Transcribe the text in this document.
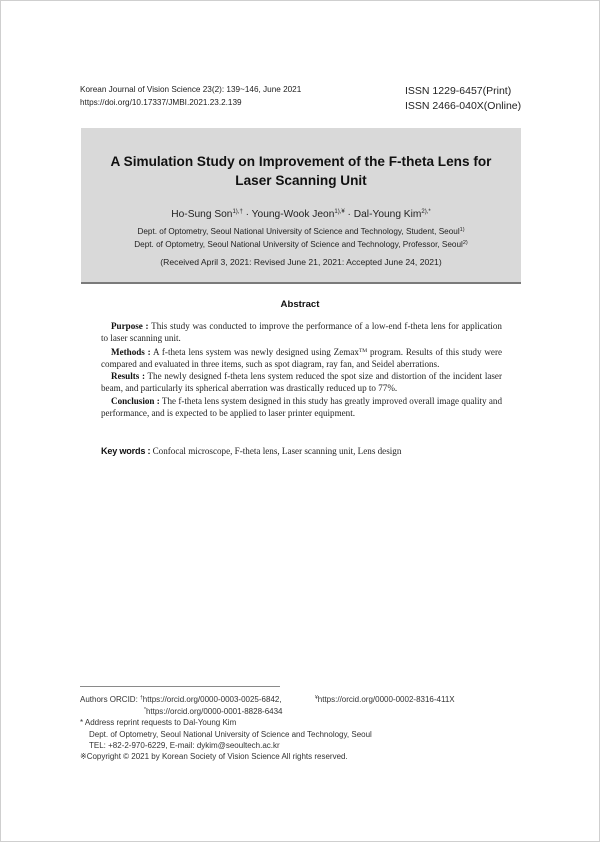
Korean Journal of Vision Science 23(2): 139~146, June 2021
https://doi.org/10.17337/JMBI.2021.23.2.139
ISSN 1229-6457(Print)
ISSN 2466-040X(Online)
A Simulation Study on Improvement of the F-theta Lens for
Laser Scanning Unit
Ho-Sung Son$^{1),\dagger}$ · Young-Wook Jeon$^{1),¥}$ · Dal-Young Kim$^{2),*}$
Dept. of Optometry, Seoul National University of Science and Technology, Student, Seoul$^{1)}$
Dept. of Optometry, Seoul National University of Science and Technology, Professor, Seoul$^{2)}$
(Received April 3, 2021: Revised June 21, 2021: Accepted June 24, 2021)
Abstract

Purpose : This study was conducted to improve the performance of a low-end f-theta lens for application to laser scanning unit.

Methods : A f-theta lens system was newly designed using Zemax™ program. Results of this study were compared and evaluated in three items, such as spot diagram, ray fan, and Seidel aberrations.

Results : The newly designed f-theta lens system reduced the spot size and distortion of the incident laser beam, and particularly its spherical aberration was drastically reduced up to 77%.

Conclusion : The f-theta lens system designed in this study has greatly improved overall image quality and performance, and is expected to be applied to laser printer equipment.

Key words : Confocal microscope, F-theta lens, Laser scanning unit, Lens design
Authors ORCID: †https://orcid.org/0000-0003-0025-6842,	¥https://orcid.org/0000-0002-8316-411X
*https://orcid.org/0000-0001-8828-6434
* Address reprint requests to Dal-Young Kim
Dept. of Optometry, Seoul National University of Science and Technology, Seoul
TEL: +82-2-970-6229, E-mail: dykim@seoultech.ac.kr
※Copyright © 2021 by Korean Society of Vision Science All rights reserved.
